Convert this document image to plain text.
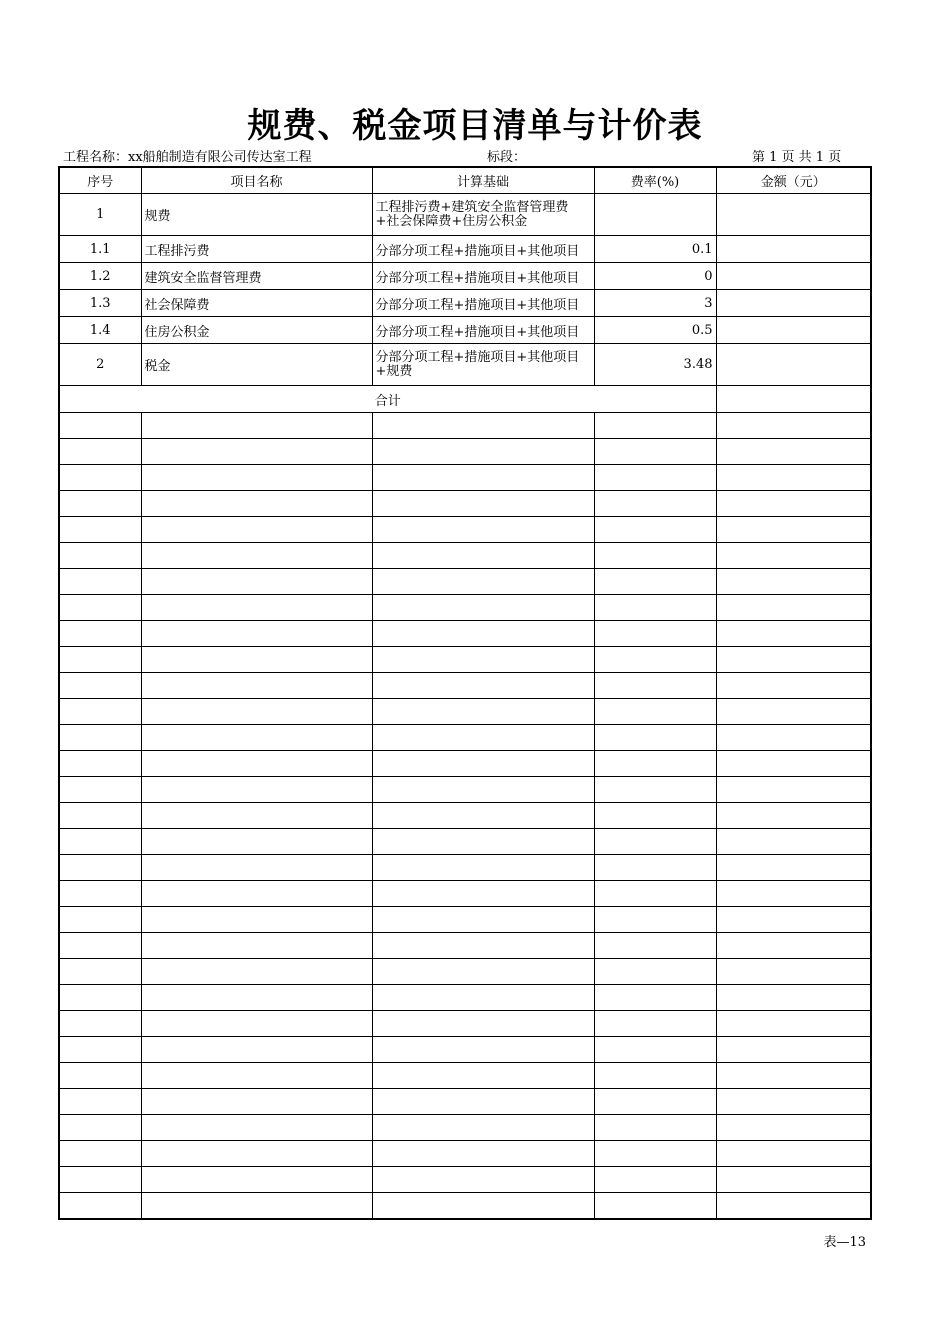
规费、税金项目清单与计价表
工程名称：xx船舶制造有限公司传达室工程	标段：	第 1 页 共 1 页
序号	项目名称	计算基础	费率(%)	金额（元）
1	规费	工程排污费+建筑安全监督管理费+社会保障费+住房公积金		
1.1	工程排污费	分部分项工程+措施项目+其他项目	0.1	
1.2	建筑安全监督管理费	分部分项工程+措施项目+其他项目	0	
1.3	社会保障费	分部分项工程+措施项目+其他项目	3	
1.4	住房公积金	分部分项工程+措施项目+其他项目	0.5	
2	税金	分部分项工程+措施项目+其他项目+规费	3.48	
合计				

表—13
